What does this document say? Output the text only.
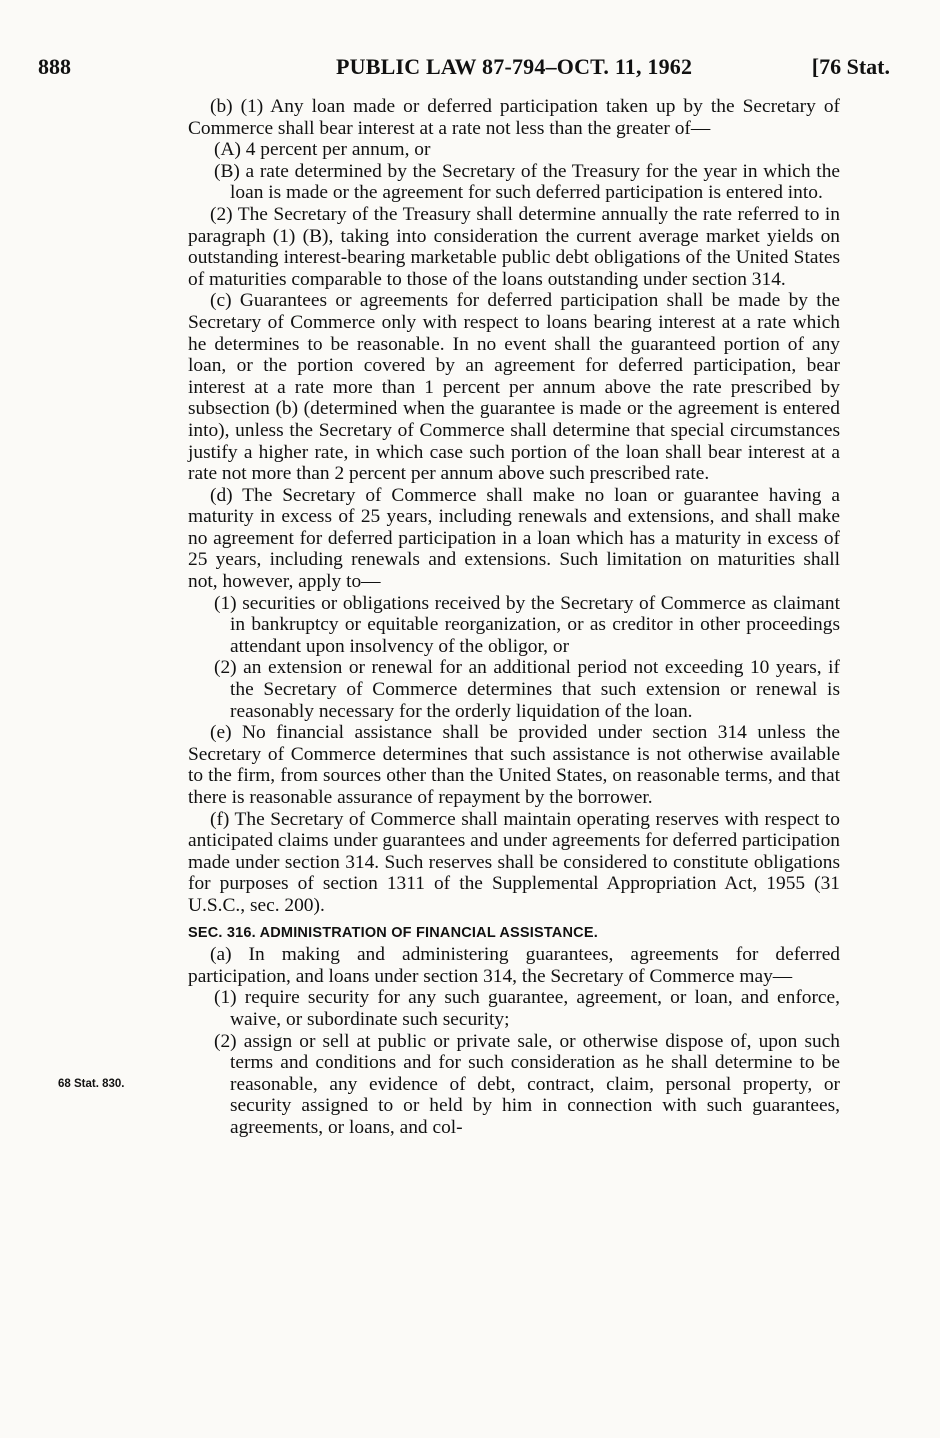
888	PUBLIC LAW 87-794–OCT. 11, 1962	[76 Stat.
68 Stat. 830.

(b) (1) Any loan made or deferred participation taken up by the Secretary of Commerce shall bear interest at a rate not less than the greater of—

(A) 4 percent per annum, or

(B) a rate determined by the Secretary of the Treasury for the year in which the loan is made or the agreement for such deferred participation is entered into.

(2) The Secretary of the Treasury shall determine annually the rate referred to in paragraph (1) (B), taking into consideration the current average market yields on outstanding interest-bearing marketable public debt obligations of the United States of maturities comparable to those of the loans outstanding under section 314.

(c) Guarantees or agreements for deferred participation shall be made by the Secretary of Commerce only with respect to loans bearing interest at a rate which he determines to be reasonable. In no event shall the guaranteed portion of any loan, or the portion covered by an agreement for deferred participation, bear interest at a rate more than 1 percent per annum above the rate prescribed by subsection (b) (determined when the guarantee is made or the agreement is entered into), unless the Secretary of Commerce shall determine that special circumstances justify a higher rate, in which case such portion of the loan shall bear interest at a rate not more than 2 percent per annum above such prescribed rate.

(d) The Secretary of Commerce shall make no loan or guarantee having a maturity in excess of 25 years, including renewals and extensions, and shall make no agreement for deferred participation in a loan which has a maturity in excess of 25 years, including renewals and extensions. Such limitation on maturities shall not, however, apply to—

(1) securities or obligations received by the Secretary of Commerce as claimant in bankruptcy or equitable reorganization, or as creditor in other proceedings attendant upon insolvency of the obligor, or

(2) an extension or renewal for an additional period not exceeding 10 years, if the Secretary of Commerce determines that such extension or renewal is reasonably necessary for the orderly liquidation of the loan.

(e) No financial assistance shall be provided under section 314 unless the Secretary of Commerce determines that such assistance is not otherwise available to the firm, from sources other than the United States, on reasonable terms, and that there is reasonable assurance of repayment by the borrower.

(f) The Secretary of Commerce shall maintain operating reserves with respect to anticipated claims under guarantees and under agreements for deferred participation made under section 314. Such reserves shall be considered to constitute obligations for purposes of section 1311 of the Supplemental Appropriation Act, 1955 (31 U.S.C., sec. 200).

SEC. 316. ADMINISTRATION OF FINANCIAL ASSISTANCE.

(a) In making and administering guarantees, agreements for deferred participation, and loans under section 314, the Secretary of Commerce may—

(1) require security for any such guarantee, agreement, or loan, and enforce, waive, or subordinate such security;

(2) assign or sell at public or private sale, or otherwise dispose of, upon such terms and conditions and for such consideration as he shall determine to be reasonable, any evidence of debt, contract, claim, personal property, or security assigned to or held by him in connection with such guarantees, agreements, or loans, and col-
